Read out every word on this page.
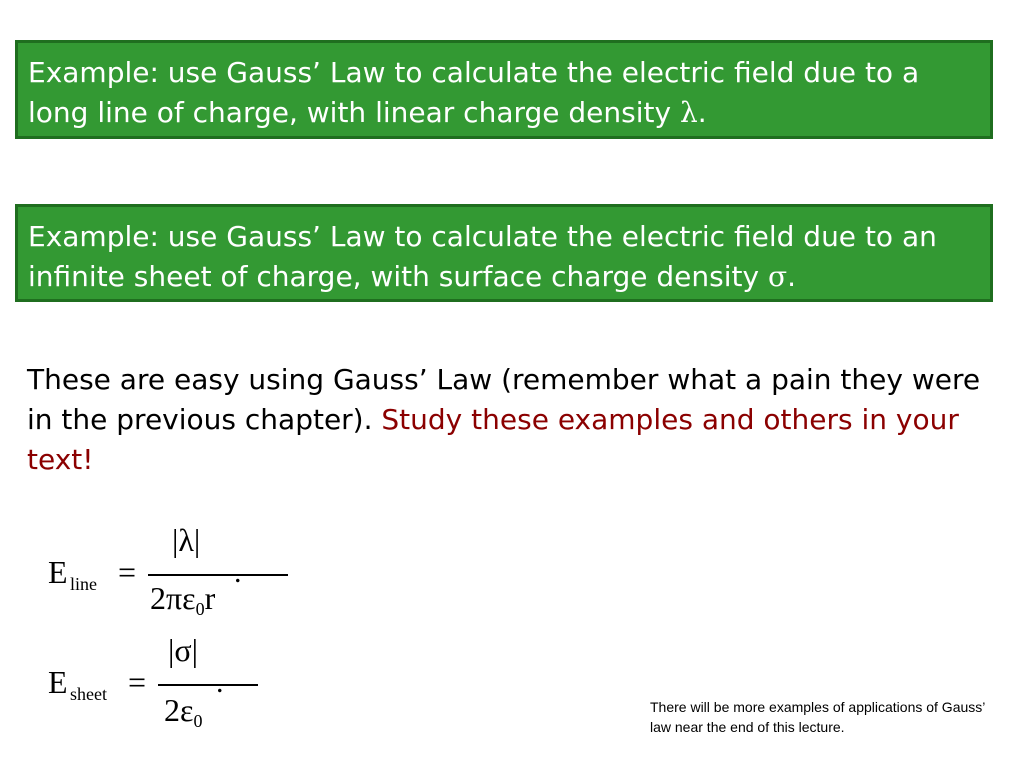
Example: use Gauss’ Law to calculate the electric field due to a long line of charge, with linear charge density λ.
Example: use Gauss’ Law to calculate the electric field due to an infinite sheet of charge, with surface charge density σ.
These are easy using Gauss’ Law (remember what a pain they were in the previous chapter). Study these examples and others in your text!
E line =
|λ|
$2\pi\varepsilon_0r$
.
E sheet =
|σ|
$2\varepsilon_0$
.
There will be more examples of applications of Gauss’ law near the end of this lecture.
